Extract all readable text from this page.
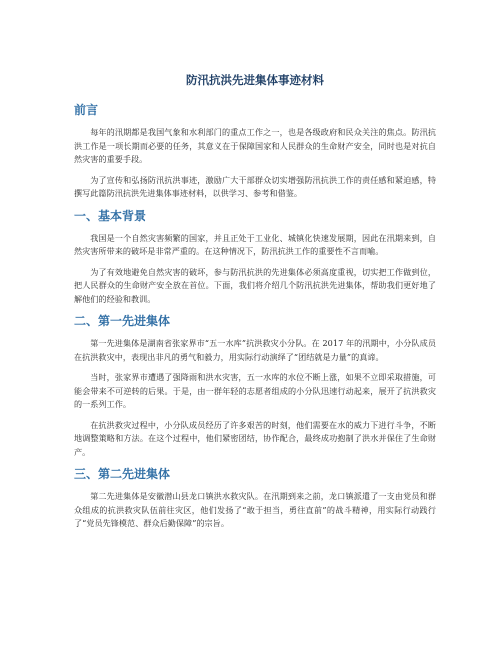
防汛抗洪先进集体事迹材料
前言

每年的汛期都是我国气象和水利部门的重点工作之一，也是各级政府和民众关注的焦点。防汛抗洪工作是一项长期而必要的任务，其意义在于保障国家和人民群众的生命财产安全，同时也是对抗自然灾害的重要手段。

为了宣传和弘扬防汛抗洪事迹，激励广大干部群众切实增强防汛抗洪工作的责任感和紧迫感，特撰写此篇防汛抗洪先进集体事迹材料，以供学习、参考和借鉴。

一、基本背景

我国是一个自然灾害频繁的国家，并且正处于工业化、城镇化快速发展期，因此在汛期来到，自然灾害所带来的破坏是非常严重的。在这种情况下，防汛抗洪工作的重要性不言而喻。

为了有效地避免自然灾害的破坏，参与防汛抗洪的先进集体必须高度重视，切实把工作做到位，把人民群众的生命财产安全放在首位。下面，我们将介绍几个防汛抗洪先进集体，帮助我们更好地了解他们的经验和教训。

二、第一先进集体

第一先进集体是湖南省张家界市“五一水库”抗洪救灾小分队。在 2017 年的汛期中，小分队成员在抗洪救灾中，表现出非凡的勇气和毅力，用实际行动演绎了“团结就是力量”的真谛。

当时，张家界市遭遇了强降雨和洪水灾害，五一水库的水位不断上涨，如果不立即采取措施，可能会带来不可逆转的后果。于是，由一群年轻的志愿者组成的小分队迅速行动起来，展开了抗洪救灾的一系列工作。

在抗洪救灾过程中，小分队成员经历了许多艰苦的时刻，他们需要在水的威力下进行斗争，不断地调整策略和方法。在这个过程中，他们紧密团结，协作配合，最终成功抱制了洪水并保住了生命财产。

三、第二先进集体

第二先进集体是安徽潜山县龙口镇洪水救灾队。在汛期到来之前，龙口镇派遣了一支由党员和群众组成的抗洪救灾队伍前往灾区，他们发扬了“敢于担当，勇往直前”的战斗精神，用实际行动践行了“党员先锋模范、群众后勤保障”的宗旨。
